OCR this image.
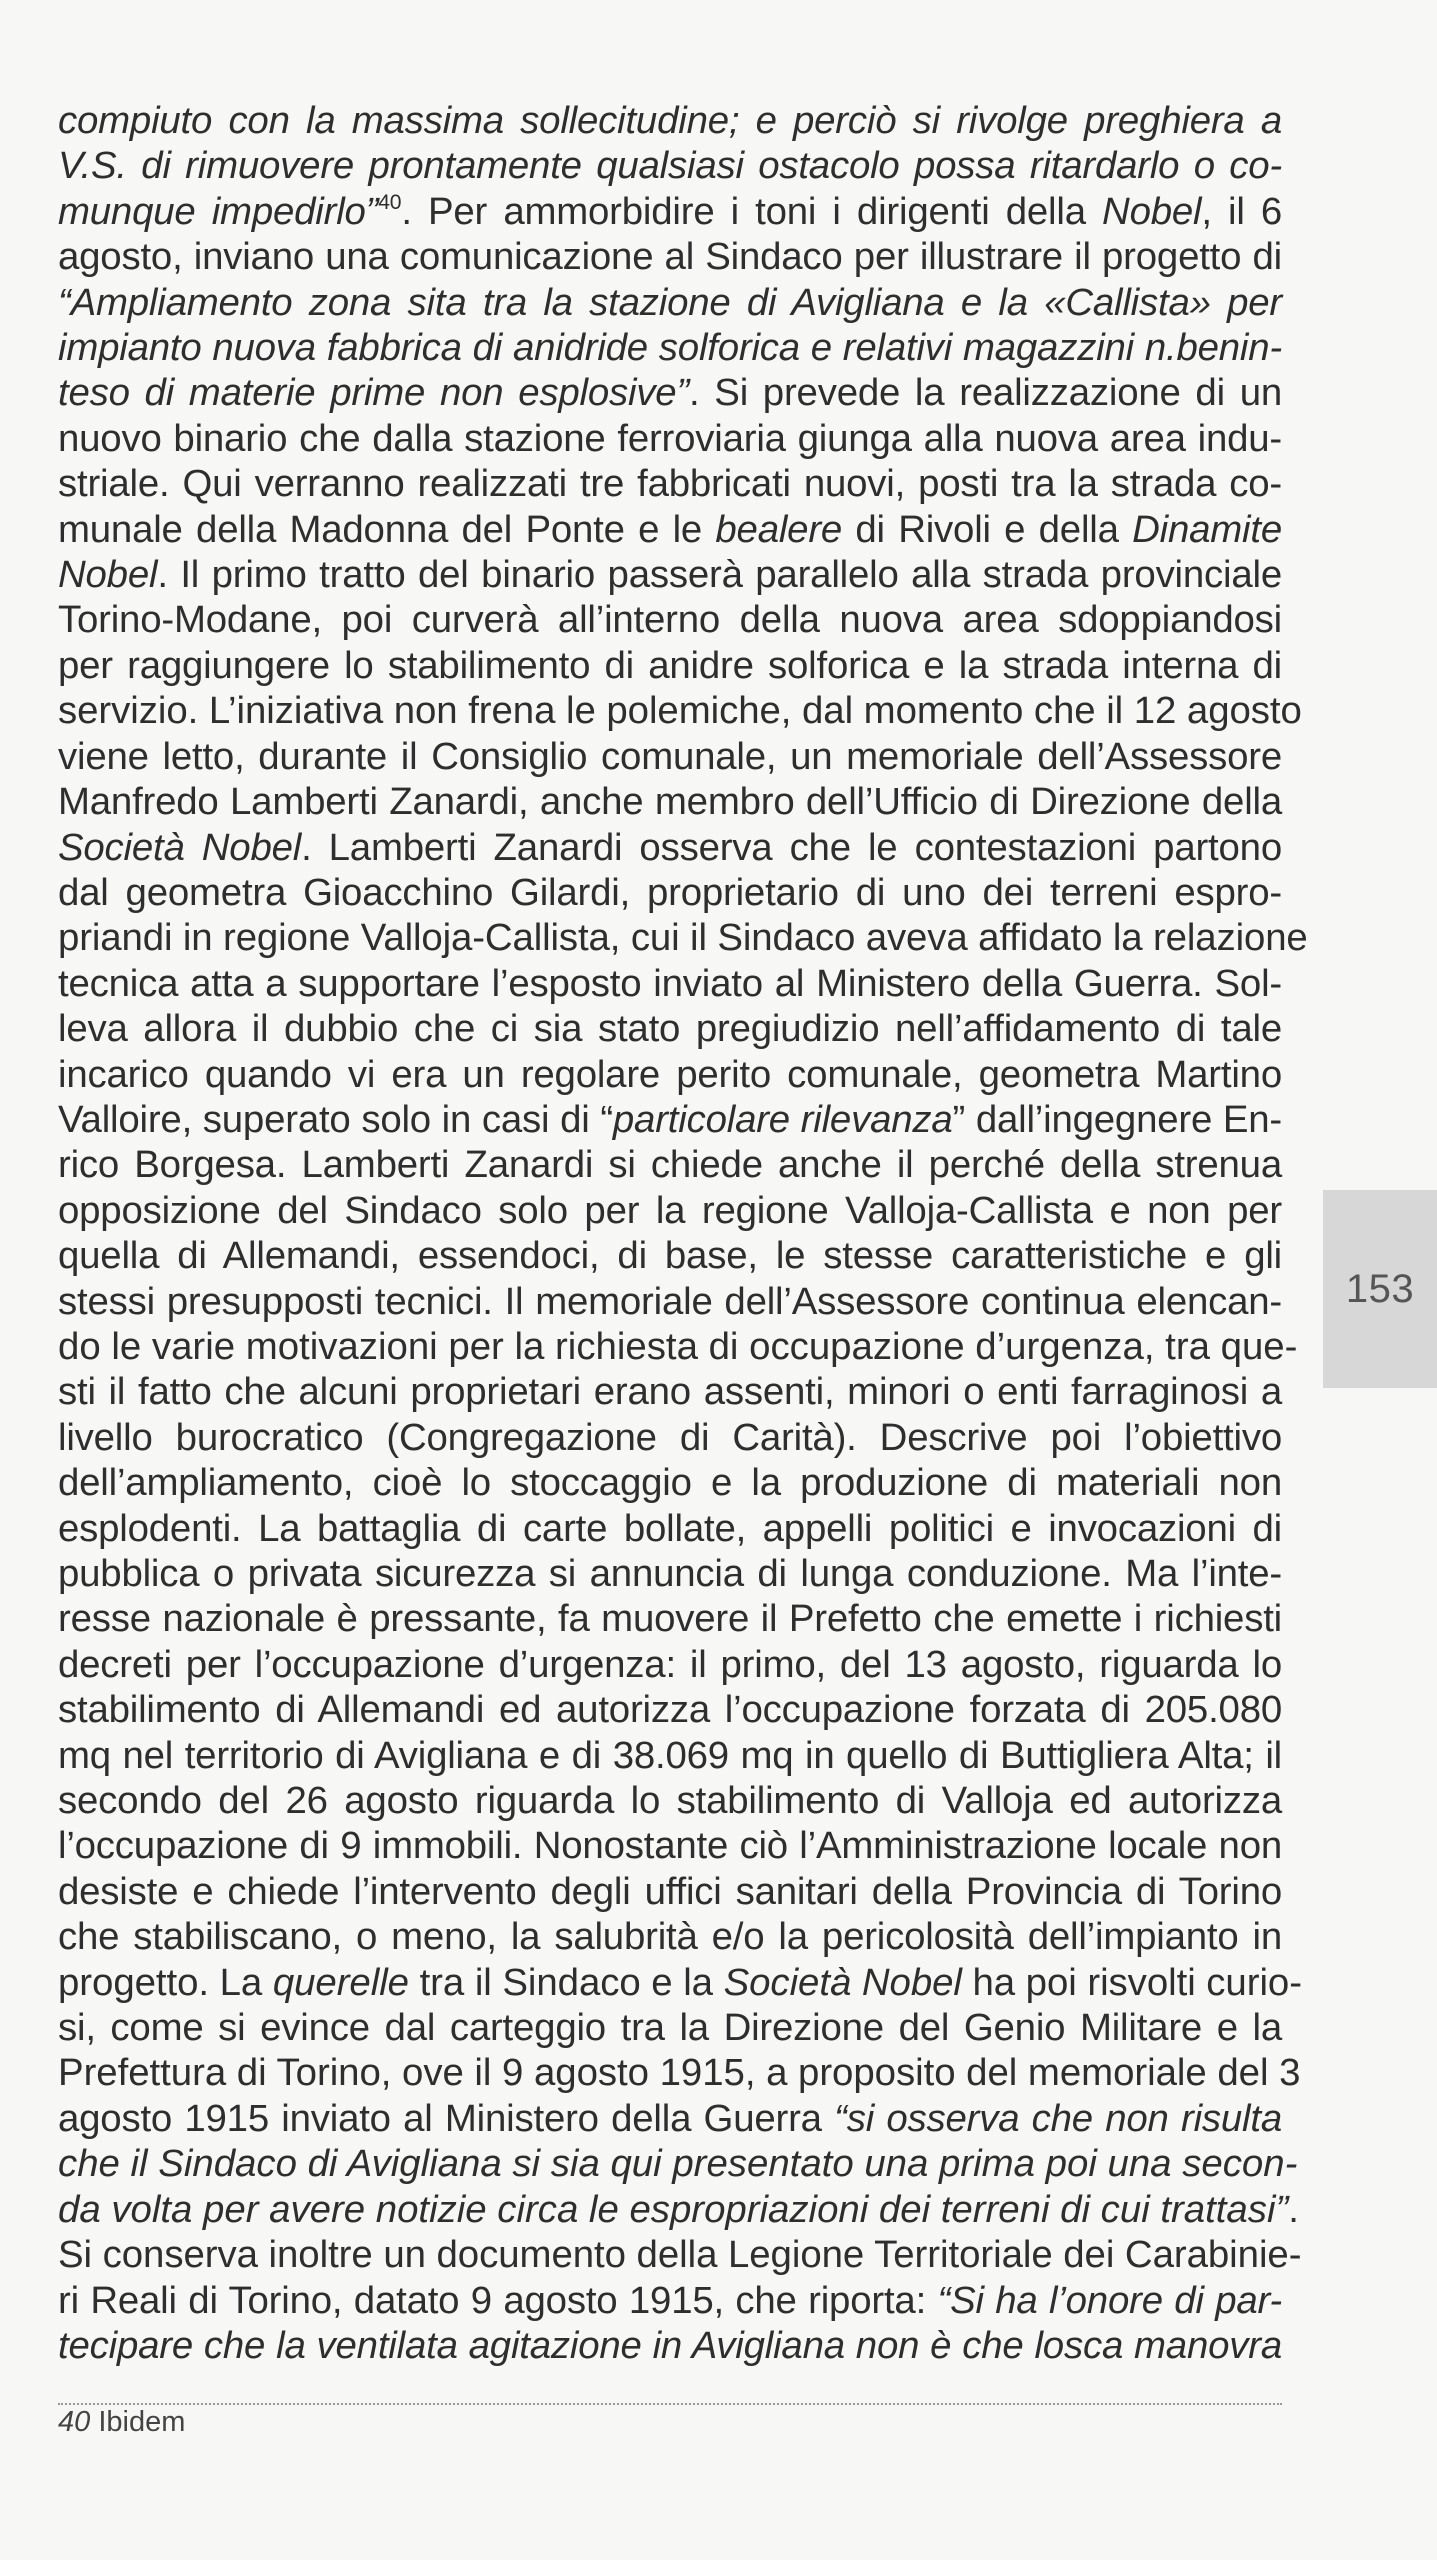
compiuto con la massima sollecitudine; e perciò si rivolge preghiera a

V.S. di rimuovere prontamente qualsiasi ostacolo possa ritardarlo o co-

munque impedirlo”$^{40}$. Per ammorbidire i toni i dirigenti della Nobel, il 6

agosto, inviano una comunicazione al Sindaco per illustrare il progetto di

“Ampliamento zona sita tra la stazione di Avigliana e la «Callista» per

impianto nuova fabbrica di anidride solforica e relativi magazzini n.benin-

teso di materie prime non esplosive”. Si prevede la realizzazione di un

nuovo binario che dalla stazione ferroviaria giunga alla nuova area indu-

striale. Qui verranno realizzati tre fabbricati nuovi, posti tra la strada co-

munale della Madonna del Ponte e le bealere di Rivoli e della Dinamite

Nobel. Il primo tratto del binario passerà parallelo alla strada provinciale

Torino-Modane, poi curverà all’interno della nuova area sdoppiandosi

per raggiungere lo stabilimento di anidre solforica e la strada interna di

servizio. L’iniziativa non frena le polemiche, dal momento che il 12 agosto

viene letto, durante il Consiglio comunale, un memoriale dell’Assessore

Manfredo Lamberti Zanardi, anche membro dell’Ufficio di Direzione della

Società Nobel. Lamberti Zanardi osserva che le contestazioni partono

dal geometra Gioacchino Gilardi, proprietario di uno dei terreni espro-

priandi in regione Valloja-Callista, cui il Sindaco aveva affidato la relazione

tecnica atta a supportare l’esposto inviato al Ministero della Guerra. Sol-

leva allora il dubbio che ci sia stato pregiudizio nell’affidamento di tale

incarico quando vi era un regolare perito comunale, geometra Martino

Valloire, superato solo in casi di “particolare rilevanza” dall’ingegnere En-

rico Borgesa. Lamberti Zanardi si chiede anche il perché della strenua

opposizione del Sindaco solo per la regione Valloja-Callista e non per

quella di Allemandi, essendoci, di base, le stesse caratteristiche e gli

stessi presupposti tecnici. Il memoriale dell’Assessore continua elencan-

do le varie motivazioni per la richiesta di occupazione d’urgenza, tra que-

sti il fatto che alcuni proprietari erano assenti, minori o enti farraginosi a

livello burocratico (Congregazione di Carità). Descrive poi l’obiettivo

dell’ampliamento, cioè lo stoccaggio e la produzione di materiali non

esplodenti. La battaglia di carte bollate, appelli politici e invocazioni di

pubblica o privata sicurezza si annuncia di lunga conduzione. Ma l’inte-

resse nazionale è pressante, fa muovere il Prefetto che emette i richiesti

decreti per l’occupazione d’urgenza: il primo, del 13 agosto, riguarda lo

stabilimento di Allemandi ed autorizza l’occupazione forzata di 205.080

mq nel territorio di Avigliana e di 38.069 mq in quello di Buttigliera Alta; il

secondo del 26 agosto riguarda lo stabilimento di Valloja ed autorizza

l’occupazione di 9 immobili. Nonostante ciò l’Amministrazione locale non

desiste e chiede l’intervento degli uffici sanitari della Provincia di Torino

che stabiliscano, o meno, la salubrità e/o la pericolosità dell’impianto in

progetto. La querelle tra il Sindaco e la Società Nobel ha poi risvolti curio-

si, come si evince dal carteggio tra la Direzione del Genio Militare e la

Prefettura di Torino, ove il 9 agosto 1915, a proposito del memoriale del 3

agosto 1915 inviato al Ministero della Guerra “si osserva che non risulta

che il Sindaco di Avigliana si sia qui presentato una prima poi una secon-

da volta per avere notizie circa le espropriazioni dei terreni di cui trattasi”.

Si conserva inoltre un documento della Legione Territoriale dei Carabinie-

ri Reali di Torino, datato 9 agosto 1915, che riporta: “Si ha l’onore di par-

tecipare che la ventilata agitazione in Avigliana non è che losca manovra

153
40 Ibidem
